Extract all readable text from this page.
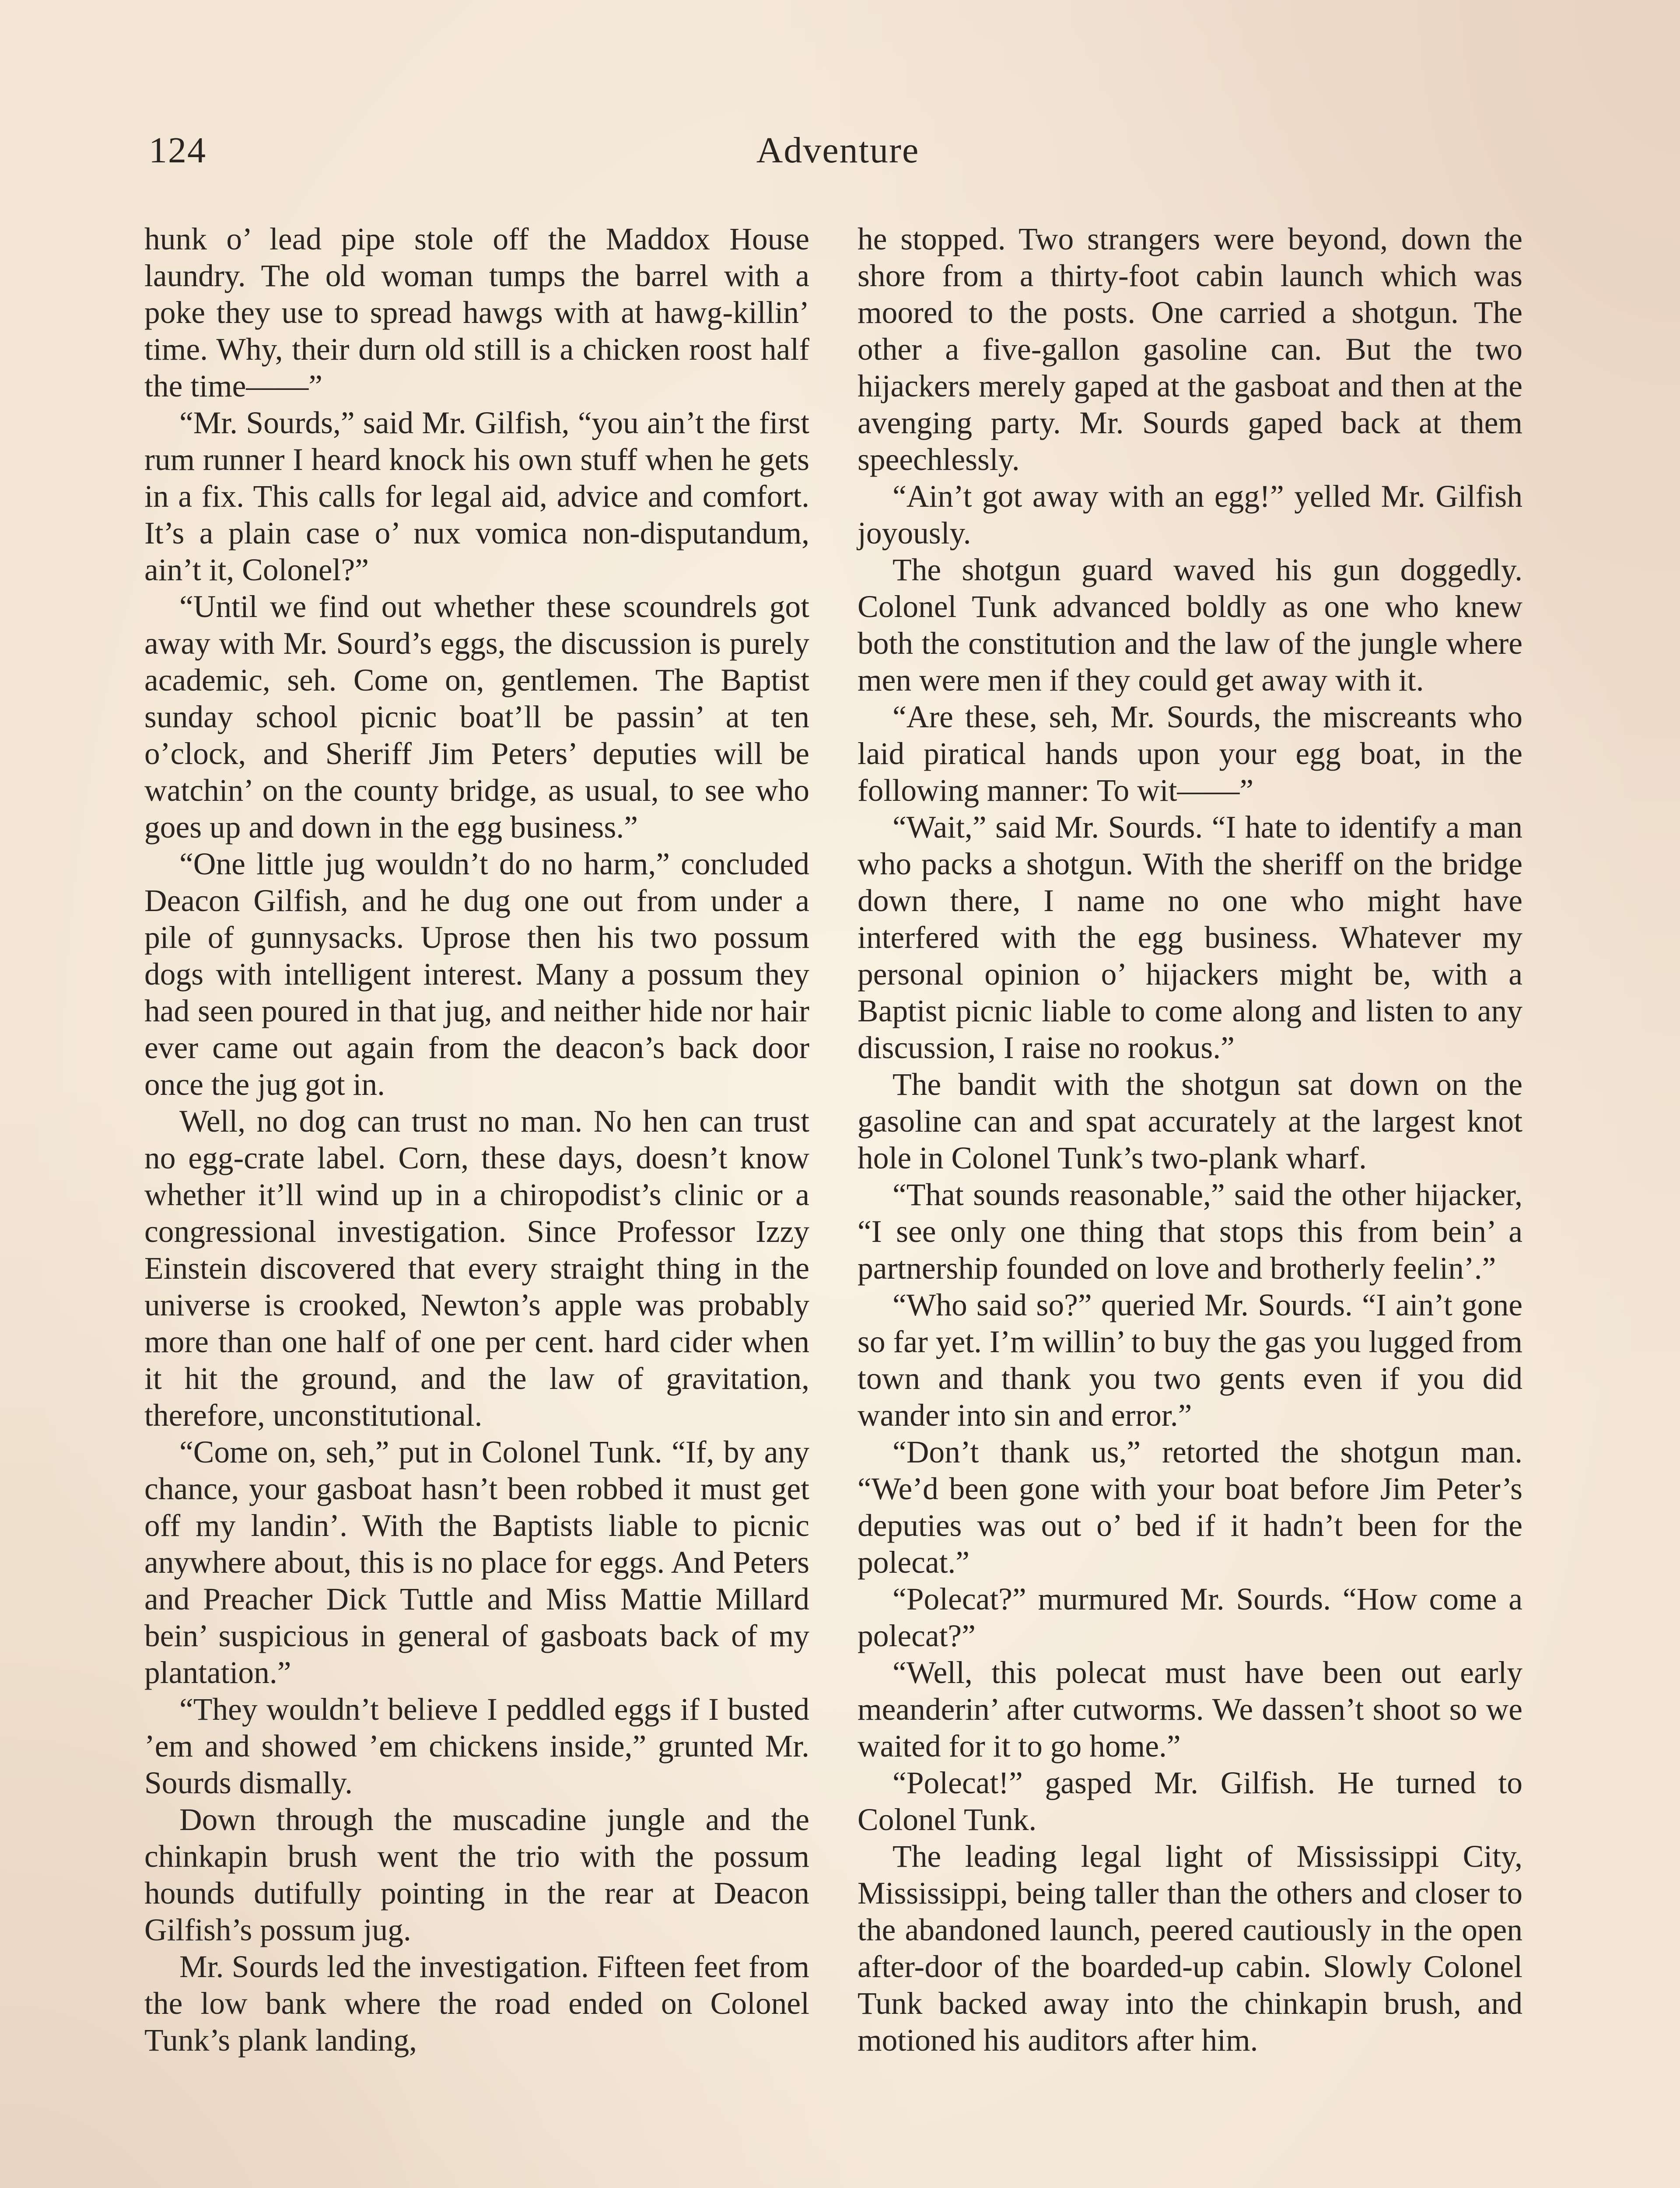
124	Adventure

hunk o’ lead pipe stole off the Maddox House laundry. The old woman tumps the barrel with a poke they use to spread hawgs with at hawg-killin’ time. Why, their durn old still is a chicken roost half the time——”

“Mr. Sourds,” said Mr. Gilfish, “you ain’t the first rum runner I heard knock his own stuff when he gets in a fix. This calls for legal aid, advice and comfort. It’s a plain case o’ nux vomica non-disputandum, ain’t it, Colonel?”

“Until we find out whether these scoundrels got away with Mr. Sourd’s eggs, the discussion is purely academic, seh. Come on, gentlemen. The Baptist sunday school picnic boat’ll be passin’ at ten o’clock, and Sheriff Jim Peters’ deputies will be watchin’ on the county bridge, as usual, to see who goes up and down in the egg business.”

“One little jug wouldn’t do no harm,” concluded Deacon Gilfish, and he dug one out from under a pile of gunnysacks. Uprose then his two possum dogs with intelligent interest. Many a possum they had seen poured in that jug, and neither hide nor hair ever came out again from the deacon’s back door once the jug got in.

Well, no dog can trust no man. No hen can trust no egg-crate label. Corn, these days, doesn’t know whether it’ll wind up in a chiropodist’s clinic or a congressional investigation. Since Professor Izzy Einstein discovered that every straight thing in the universe is crooked, Newton’s apple was probably more than one half of one per cent. hard cider when it hit the ground, and the law of gravitation, therefore, unconstitutional.

“Come on, seh,” put in Colonel Tunk. “If, by any chance, your gasboat hasn’t been robbed it must get off my landin’. With the Baptists liable to picnic anywhere about, this is no place for eggs. And Peters and Preacher Dick Tuttle and Miss Mattie Millard bein’ suspicious in general of gasboats back of my plantation.”

“They wouldn’t believe I peddled eggs if I busted ’em and showed ’em chickens inside,” grunted Mr. Sourds dismally.

Down through the muscadine jungle and the chinkapin brush went the trio with the possum hounds dutifully pointing in the rear at Deacon Gilfish’s possum jug.

Mr. Sourds led the investigation. Fifteen feet from the low bank where the road ended on Colonel Tunk’s plank landing,

he stopped. Two strangers were beyond, down the shore from a thirty-foot cabin launch which was moored to the posts. One carried a shotgun. The other a five-gallon gasoline can. But the two hijackers merely gaped at the gasboat and then at the avenging party. Mr. Sourds gaped back at them speechlessly.

“Ain’t got away with an egg!” yelled Mr. Gilfish joyously.

The shotgun guard waved his gun doggedly. Colonel Tunk advanced boldly as one who knew both the constitution and the law of the jungle where men were men if they could get away with it.

“Are these, seh, Mr. Sourds, the miscreants who laid piratical hands upon your egg boat, in the following manner: To wit——”

“Wait,” said Mr. Sourds. “I hate to identify a man who packs a shotgun. With the sheriff on the bridge down there, I name no one who might have interfered with the egg business. Whatever my personal opinion o’ hijackers might be, with a Baptist picnic liable to come along and listen to any discussion, I raise no rookus.”

The bandit with the shotgun sat down on the gasoline can and spat accurately at the largest knot hole in Colonel Tunk’s two-plank wharf.

“That sounds reasonable,” said the other hijacker, “I see only one thing that stops this from bein’ a partnership founded on love and brotherly feelin’.”

“Who said so?” queried Mr. Sourds. “I ain’t gone so far yet. I’m willin’ to buy the gas you lugged from town and thank you two gents even if you did wander into sin and error.”

“Don’t thank us,” retorted the shotgun man. “We’d been gone with your boat before Jim Peter’s deputies was out o’ bed if it hadn’t been for the polecat.”

“Polecat?” murmured Mr. Sourds. “How come a polecat?”

“Well, this polecat must have been out early meanderin’ after cutworms. We dassen’t shoot so we waited for it to go home.”

“Polecat!” gasped Mr. Gilfish. He turned to Colonel Tunk.

The leading legal light of Mississippi City, Mississippi, being taller than the others and closer to the abandoned launch, peered cautiously in the open after-door of the boarded-up cabin. Slowly Colonel Tunk backed away into the chinkapin brush, and motioned his auditors after him.
